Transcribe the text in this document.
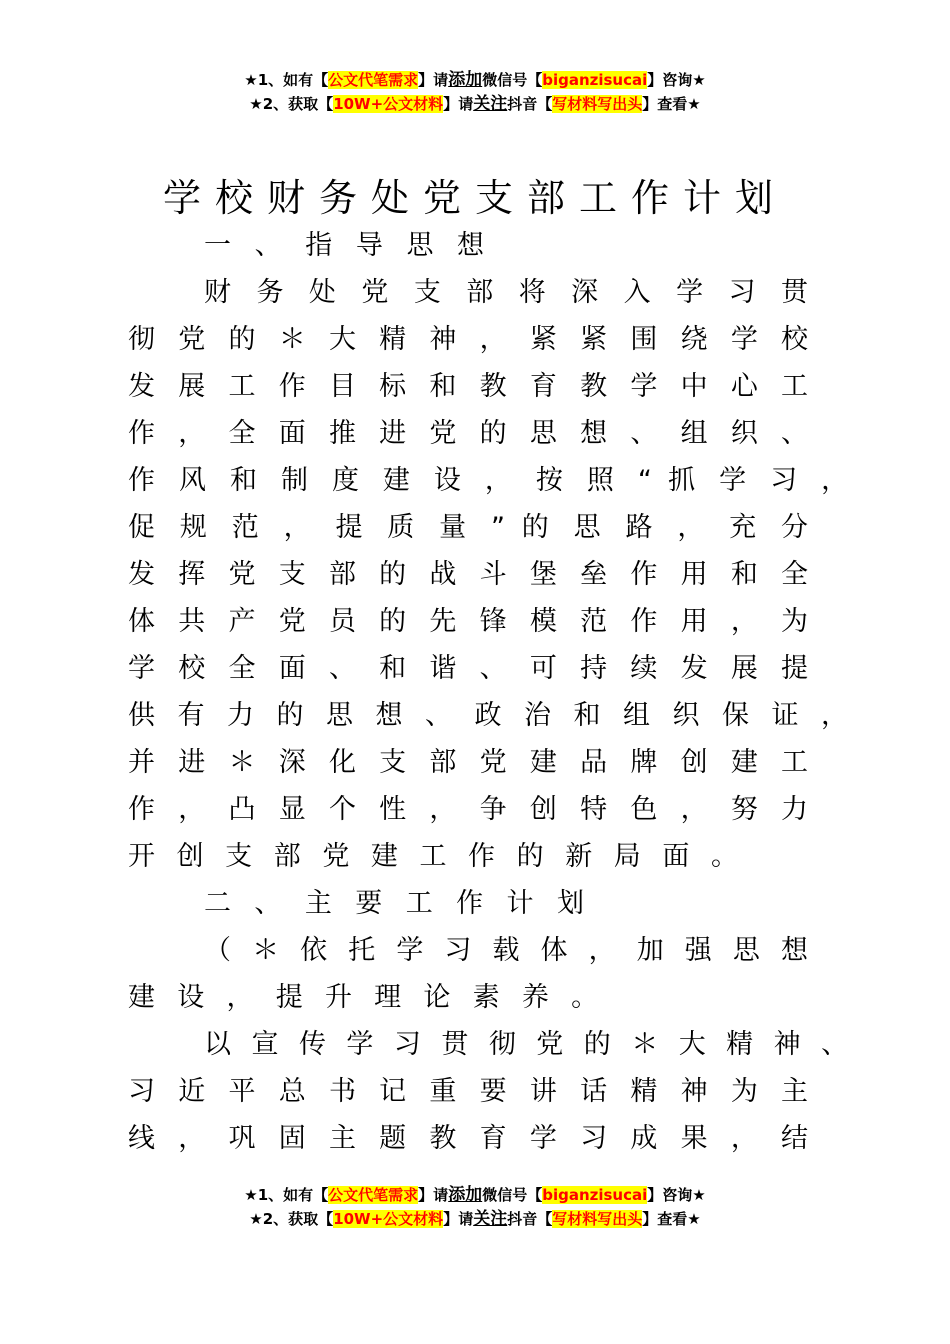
★1、如有【公文代笔需求】请添加微信号【biganzisucai】咨询★
★2、获取【10W+公文材料】请关注抖音【写材料写出头】查看★
学校财务处党支部工作计划
一 、 指 导 思 想
财 务 处 党 支 部 将 深 入 学 习 贯
彻 党 的 ＊ 大 精 神 ， 紧 紧 围 绕 学 校
发 展 工 作 目 标 和 教 育 教 学 中 心 工
作 ， 全 面 推 进 党 的 思 想 、 组 织 、
作 风 和 制 度 建 设 ， 按 照 “ 抓 学 习 ，
促 规 范 ， 提 质 量 ” 的 思 路 ， 充 分
发 挥 党 支 部 的 战 斗 堡 垒 作 用 和 全
体 共 产 党 员 的 先 锋 模 范 作 用 ， 为
学 校 全 面 、 和 谐 、 可 持 续 发 展 提
供 有 力 的 思 想 、 政 治 和 组 织 保 证 ，
并 进 ＊ 深 化 支 部 党 建 品 牌 创 建 工
作 ， 凸 显 个 性 ， 争 创 特 色 ， 努 力
开 创 支 部 党 建 工 作 的 新 局 面 。
二 、 主 要 工 作 计 划
（ ＊ 依 托 学 习 载 体 ， 加 强 思 想
建 设 ， 提 升 理 论 素 养 。
以 宣 传 学 习 贯 彻 党 的 ＊ 大 精 神 、
习 近 平 总 书 记 重 要 讲 话 精 神 为 主
线 ， 巩 固 主 题 教 育 学 习 成 果 ， 结
★1、如有【公文代笔需求】请添加微信号【biganzisucai】咨询★
★2、获取【10W+公文材料】请关注抖音【写材料写出头】查看★
